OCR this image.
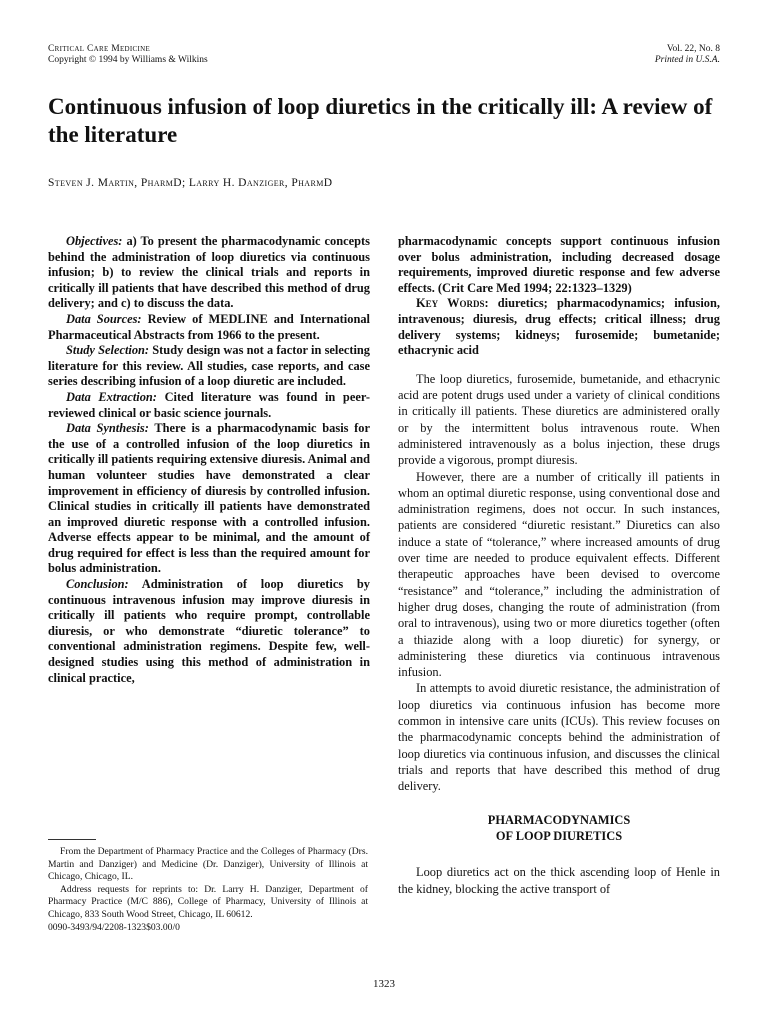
Critical Care Medicine
Copyright © 1994 by Williams & Wilkins
Vol. 22, No. 8
Printed in U.S.A.
Continuous infusion of loop diuretics in the critically ill: A review of the literature
Steven J. Martin, PharmD; Larry H. Danziger, PharmD

Objectives: a) To present the pharmacodynamic concepts behind the administration of loop diuretics via continuous infusion; b) to review the clinical trials and reports in critically ill patients that have described this method of drug delivery; and c) to discuss the data.

Data Sources: Review of MEDLINE and International Pharmaceutical Abstracts from 1966 to the present.

Study Selection: Study design was not a factor in selecting literature for this review. All studies, case reports, and case series describing infusion of a loop diuretic are included.

Data Extraction: Cited literature was found in peer-reviewed clinical or basic science journals.

Data Synthesis: There is a pharmacodynamic basis for the use of a controlled infusion of the loop diuretics in critically ill patients requiring extensive diuresis. Animal and human volunteer studies have demonstrated a clear improvement in efficiency of diuresis by controlled infusion. Clinical studies in critically ill patients have demonstrated an improved diuretic response with a controlled infusion. Adverse effects appear to be minimal, and the amount of drug required for effect is less than the required amount for bolus administration.

Conclusion: Administration of loop diuretics by continuous intravenous infusion may improve diuresis in critically ill patients who require prompt, controllable diuresis, or who demonstrate “diuretic tolerance” to conventional administration regimens. Despite few, well-designed studies using this method of administration in clinical practice,

From the Department of Pharmacy Practice and the Colleges of Pharmacy (Drs. Martin and Danziger) and Medicine (Dr. Danziger), University of Illinois at Chicago, Chicago, IL.

Address requests for reprints to: Dr. Larry H. Danziger, Department of Pharmacy Practice (M/C 886), College of Pharmacy, University of Illinois at Chicago, 833 South Wood Street, Chicago, IL 60612.

0090-3493/94/2208-1323$03.00/0

pharmacodynamic concepts support continuous infusion over bolus administration, including decreased dosage requirements, improved diuretic response and few adverse effects. (Crit Care Med 1994; 22:1323–1329)

Key Words: diuretics; pharmacodynamics; infusion, intravenous; diuresis, drug effects; critical illness; drug delivery systems; kidneys; furosemide; bumetanide; ethacrynic acid

The loop diuretics, furosemide, bumetanide, and ethacrynic acid are potent drugs used under a variety of clinical conditions in critically ill patients. These diuretics are administered orally or by the intermittent bolus intravenous route. When administered intravenously as a bolus injection, these drugs provide a vigorous, prompt diuresis.

However, there are a number of critically ill patients in whom an optimal diuretic response, using conventional dose and administration regimens, does not occur. In such instances, patients are considered “diuretic resistant.” Diuretics can also induce a state of “tolerance,” where increased amounts of drug over time are needed to produce equivalent effects. Different therapeutic approaches have been devised to overcome “resistance” and “tolerance,” including the administration of higher drug doses, changing the route of administration (from oral to intravenous), using two or more diuretics together (often a thiazide along with a loop diuretic) for synergy, or administering these diuretics via continuous intravenous infusion.

In attempts to avoid diuretic resistance, the administration of loop diuretics via continuous infusion has become more common in intensive care units (ICUs). This review focuses on the pharmacodynamic concepts behind the administration of loop diuretics via continuous infusion, and discusses the clinical trials and reports that have described this method of drug delivery.

PHARMACODYNAMICS
OF LOOP DIURETICS

Loop diuretics act on the thick ascending loop of Henle in the kidney, blocking the active transport of

1323
